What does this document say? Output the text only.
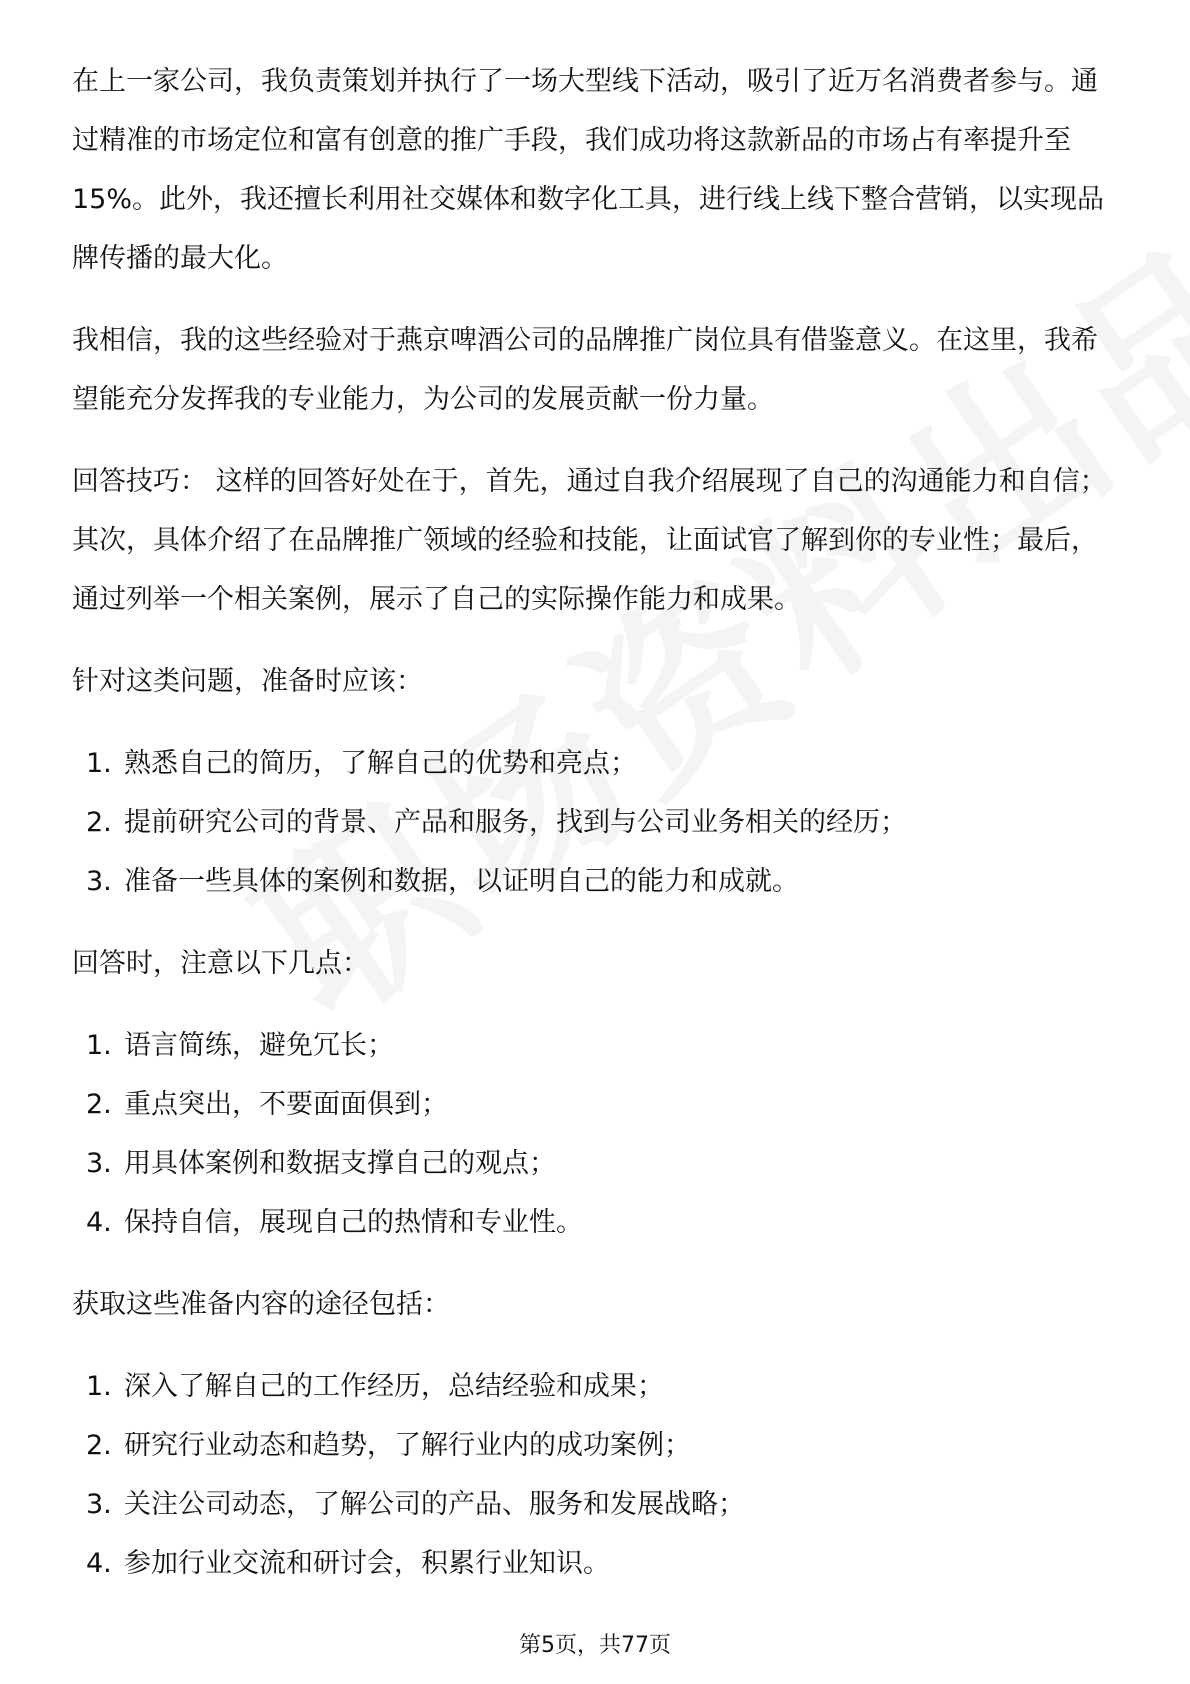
在上一家公司，我负责策划并执行了一场大型线下活动，吸引了近万名消费者参与。通过精准的市场定位和富有创意的推广手段，我们成功将这款新品的市场占有率提升至15%。此外，我还擅长利用社交媒体和数字化工具，进行线上线下整合营销，以实现品牌传播的最大化。

我相信，我的这些经验对于燕京啤酒公司的品牌推广岗位具有借鉴意义。在这里，我希望能充分发挥我的专业能力，为公司的发展贡献一份力量。

回答技巧： 这样的回答好处在于，首先，通过自我介绍展现了自己的沟通能力和自信；其次，具体介绍了在品牌推广领域的经验和技能，让面试官了解到你的专业性；最后，通过列举一个相关案例，展示了自己的实际操作能力和成果。

针对这类问题，准备时应该：

1. 熟悉自己的简历，了解自己的优势和亮点；
2. 提前研究公司的背景、产品和服务，找到与公司业务相关的经历；
3. 准备一些具体的案例和数据，以证明自己的能力和成就。

回答时，注意以下几点：

1. 语言简练，避免冗长；
2. 重点突出，不要面面俱到；
3. 用具体案例和数据支撑自己的观点；
4. 保持自信，展现自己的热情和专业性。

获取这些准备内容的途径包括：

1. 深入了解自己的工作经历，总结经验和成果；
2. 研究行业动态和趋势，了解行业内的成功案例；
3. 关注公司动态，了解公司的产品、服务和发展战略；
4. 参加行业交流和研讨会，积累行业知识。
第5页，共77页
